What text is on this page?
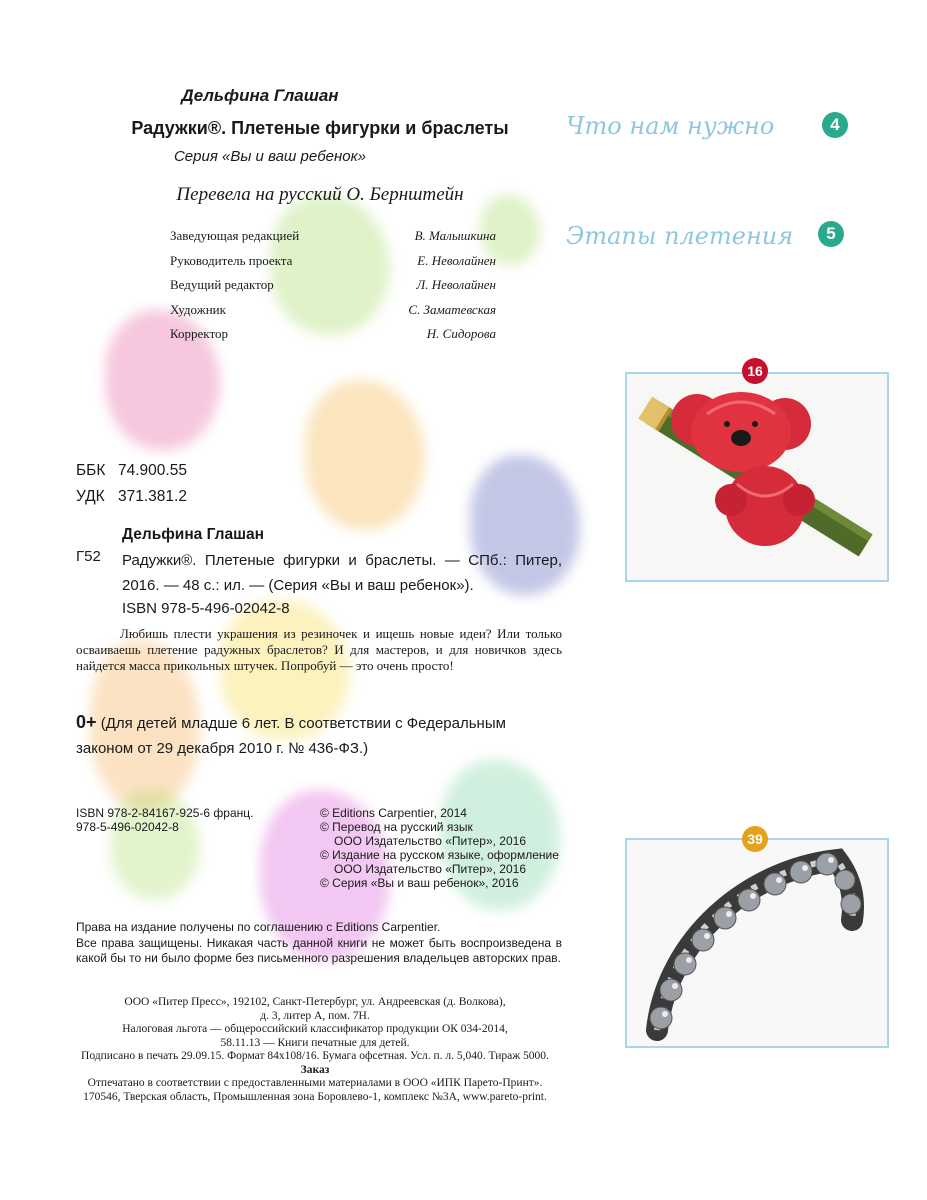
Дельфина Глашан
Радужки®. Плетеные фигурки и браслеты
Серия «Вы и ваш ребенок»
Перевела на русский О. Бернштейн
Заведующая редакцией	В. Малышкина
Руководитель проекта	Е. Неволайнен
Ведущий редактор	Л. Неволайнен
Художник	С. Заматевская
Корректор	Н. Сидорова
ББК 74.900.55
УДК 371.381.2
Дельфина Глашан
Г52 Радужки®. Плетеные фигурки и браслеты. — СПб.: Питер, 2016. — 48 с.: ил. — (Серия «Вы и ваш ребенок»).
ISBN 978-5-496-02042-8
Любишь плести украшения из резиночек и ищешь новые идеи? Или только осваиваешь плетение радужных браслетов? И для мастеров, и для новичков здесь найдется масса прикольных штучек. Попробуй — это очень просто!
0+ (Для детей младше 6 лет. В соответствии с Федеральным законом от 29 декабря 2010 г. № 436-ФЗ.)
ISBN 978-2-84167-925-6 франц.
978-5-496-02042-8
© Editions Carpentier, 2014
© Перевод на русский язык
ООО Издательство «Питер», 2016
© Издание на русском языке, оформление
ООО Издательство «Питер», 2016
© Серия «Вы и ваш ребенок», 2016
Права на издание получены по соглашению с Editions Carpentier.
Все права защищены. Никакая часть данной книги не может быть воспроизведена в какой бы то ни было форме без письменного разрешения владельцев авторских прав.
ООО «Питер Пресс», 192102, Санкт-Петербург, ул. Андреевская (д. Волкова),
д. 3, литер А, пом. 7Н.
Налоговая льгота — общероссийский классификатор продукции ОК 034-2014,
58.11.13 — Книги печатные для детей.
Подписано в печать 29.09.15. Формат 84х108/16. Бумага офсетная. Усл. п. л. 5,040. Тираж 5000.
Заказ
Отпечатано в соответствии с предоставленными материалами в ООО «ИПК Парето-Принт».
170546, Тверская область, Промышленная зона Боровлево-1, комплекс №3А, www.pareto-print.
Что нам нужно	4
Этапы плетения	5
16
39
